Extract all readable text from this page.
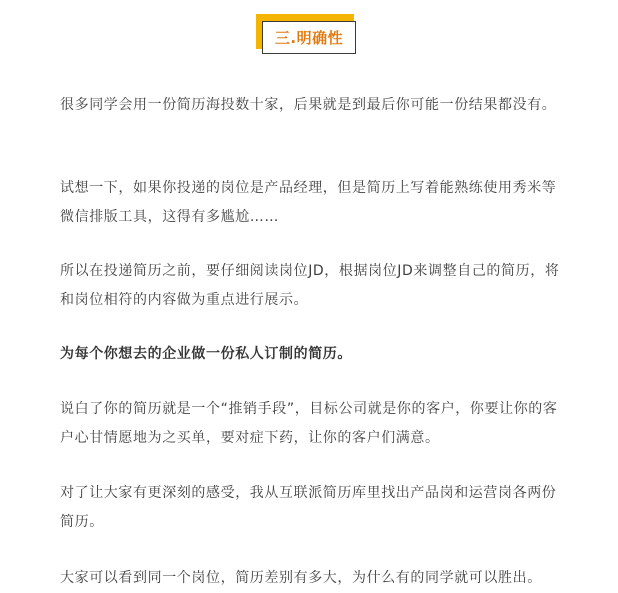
三.明确性

很多同学会用一份简历海投数十家，后果就是到最后你可能一份结果都没有。

试想一下，如果你投递的岗位是产品经理，但是简历上写着能熟练使用秀米等微信排版工具，这得有多尴尬……

所以在投递简历之前，要仔细阅读岗位JD，根据岗位JD来调整自己的简历，将和岗位相符的内容做为重点进行展示。

为每个你想去的企业做一份私人订制的简历。

说白了你的简历就是一个“推销手段”，目标公司就是你的客户，你要让你的客户心甘情愿地为之买单，要对症下药，让你的客户们满意。

对了让大家有更深刻的感受，我从互联派简历库里找出产品岗和运营岗各两份简历。

大家可以看到同一个岗位，简历差别有多大，为什么有的同学就可以胜出。
